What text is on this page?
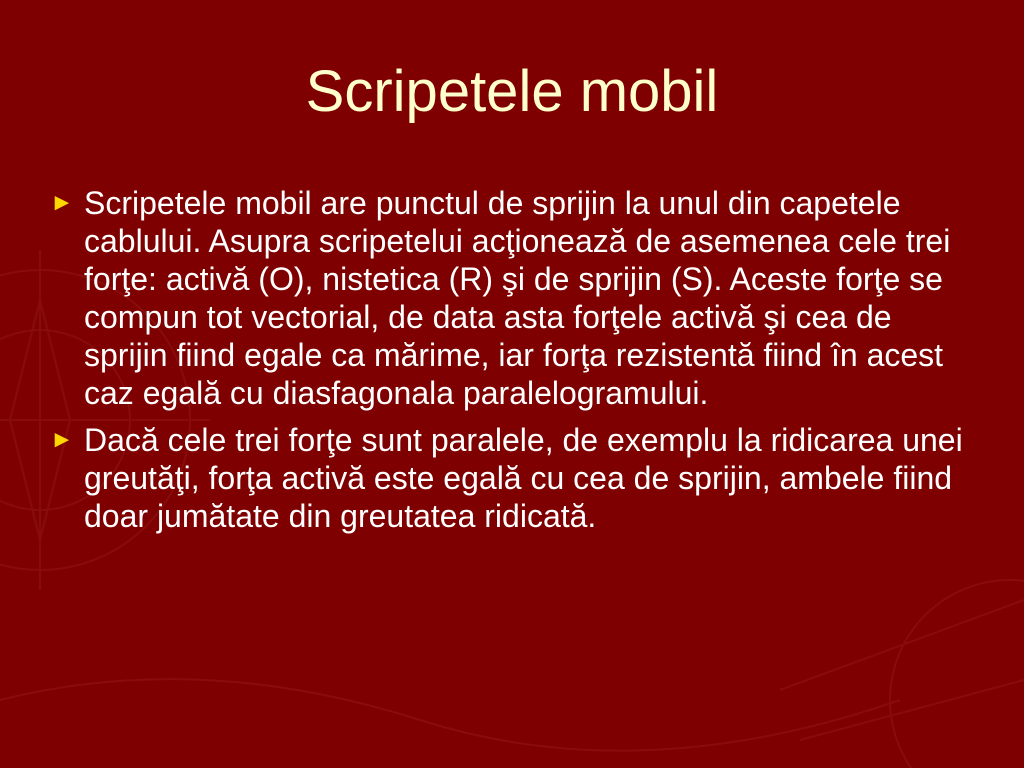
Scripetele mobil
► Scripetele mobil are punctul de sprijin la unul din capetele cablului. Asupra scripetelui acţionează de asemenea cele trei forţe: activă (O), nistetica (R) şi de sprijin (S). Aceste forţe se compun tot vectorial, de data asta forţele activă şi cea de sprijin fiind egale ca mărime, iar forţa rezistentă fiind în acest caz egală cu diasfagonala paralelogramului.
► Dacă cele trei forţe sunt paralele, de exemplu la ridicarea unei greutăţi, forţa activă este egală cu cea de sprijin, ambele fiind doar jumătate din greutatea ridicată.
